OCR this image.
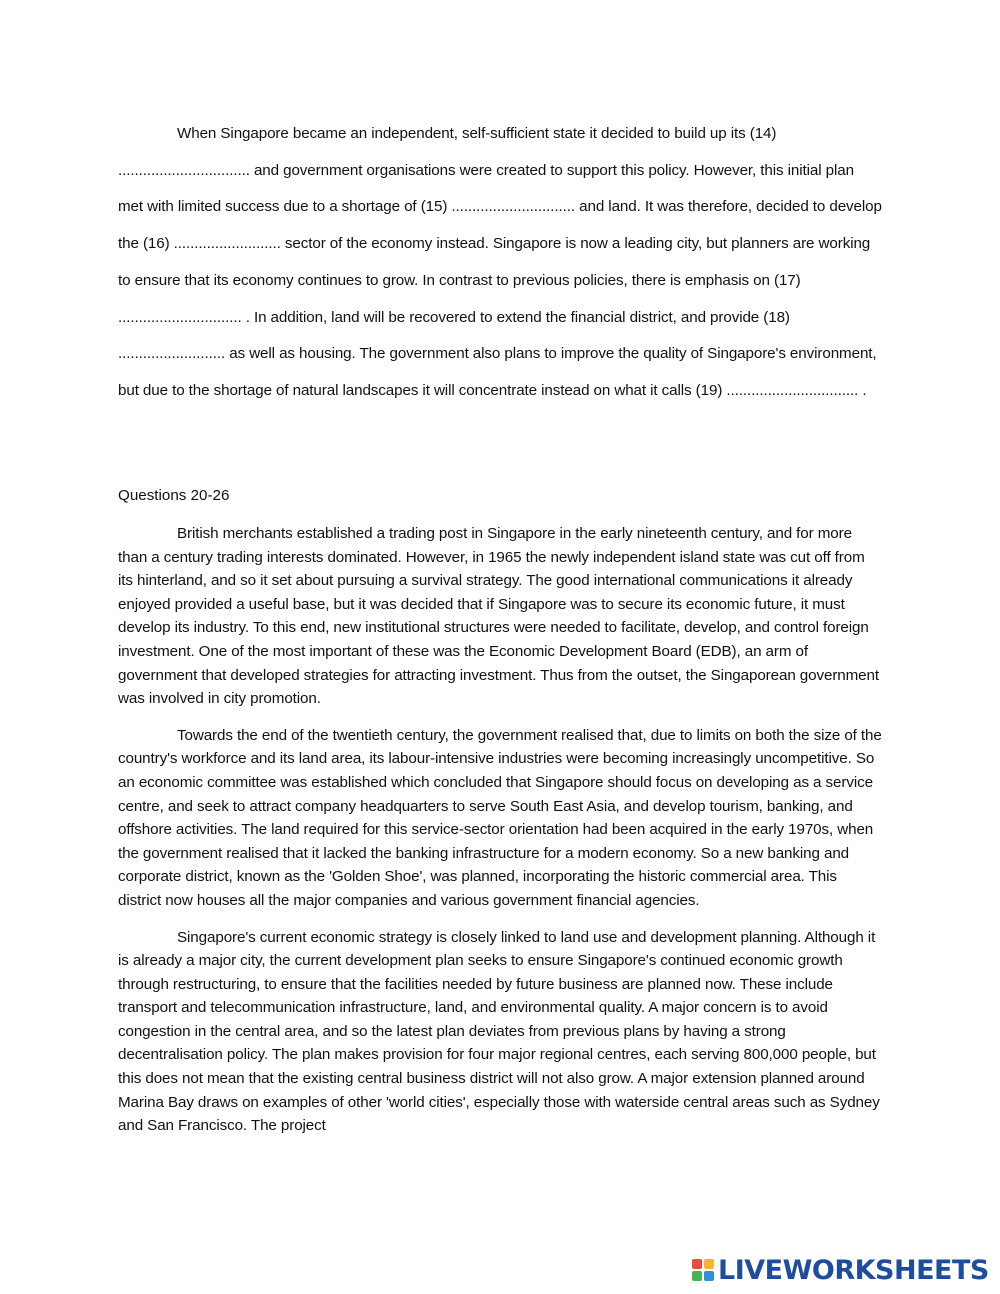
When Singapore became an independent, self-sufficient state it decided to build up its (14) ................................ and government organisations were created to support this policy. However, this initial plan met with limited success due to a shortage of (15) .............................. and land. It was therefore, decided to develop the (16) .......................... sector of the economy instead. Singapore is now a leading city, but planners are working to ensure that its economy continues to grow. In contrast to previous policies, there is emphasis on (17) .............................. . In addition, land will be recovered to extend the financial district, and provide (18) .......................... as well as housing. The government also plans to improve the quality of Singapore's environment, but due to the shortage of natural landscapes it will concentrate instead on what it calls (19) ................................ .

Questions 20-26

British merchants established a trading post in Singapore in the early nineteenth century, and for more than a century trading interests dominated. However, in 1965 the newly independent island state was cut off from its hinterland, and so it set about pursuing a survival strategy. The good international communications it already enjoyed provided a useful base, but it was decided that if Singapore was to secure its economic future, it must develop its industry. To this end, new institutional structures were needed to facilitate, develop, and control foreign investment. One of the most important of these was the Economic Development Board (EDB), an arm of government that developed strategies for attracting investment. Thus from the outset, the Singaporean government was involved in city promotion.

Towards the end of the twentieth century, the government realised that, due to limits on both the size of the country's workforce and its land area, its labour-intensive industries were becoming increasingly uncompetitive. So an economic committee was established which concluded that Singapore should focus on developing as a service centre, and seek to attract company headquarters to serve South East Asia, and develop tourism, banking, and offshore activities. The land required for this service-sector orientation had been acquired in the early 1970s, when the government realised that it lacked the banking infrastructure for a modern economy. So a new banking and corporate district, known as the 'Golden Shoe', was planned, incorporating the historic commercial area. This district now houses all the major companies and various government financial agencies.

Singapore's current economic strategy is closely linked to land use and development planning. Although it is already a major city, the current development plan seeks to ensure Singapore's continued economic growth through restructuring, to ensure that the facilities needed by future business are planned now. These include transport and telecommunication infrastructure, land, and environmental quality. A major concern is to avoid congestion in the central area, and so the latest plan deviates from previous plans by having a strong decentralisation policy. The plan makes provision for four major regional centres, each serving 800,000 people, but this does not mean that the existing central business district will not also grow. A major extension planned around Marina Bay draws on examples of other 'world cities', especially those with waterside central areas such as Sydney and San Francisco. The project

LIVEWORKSHEETS
